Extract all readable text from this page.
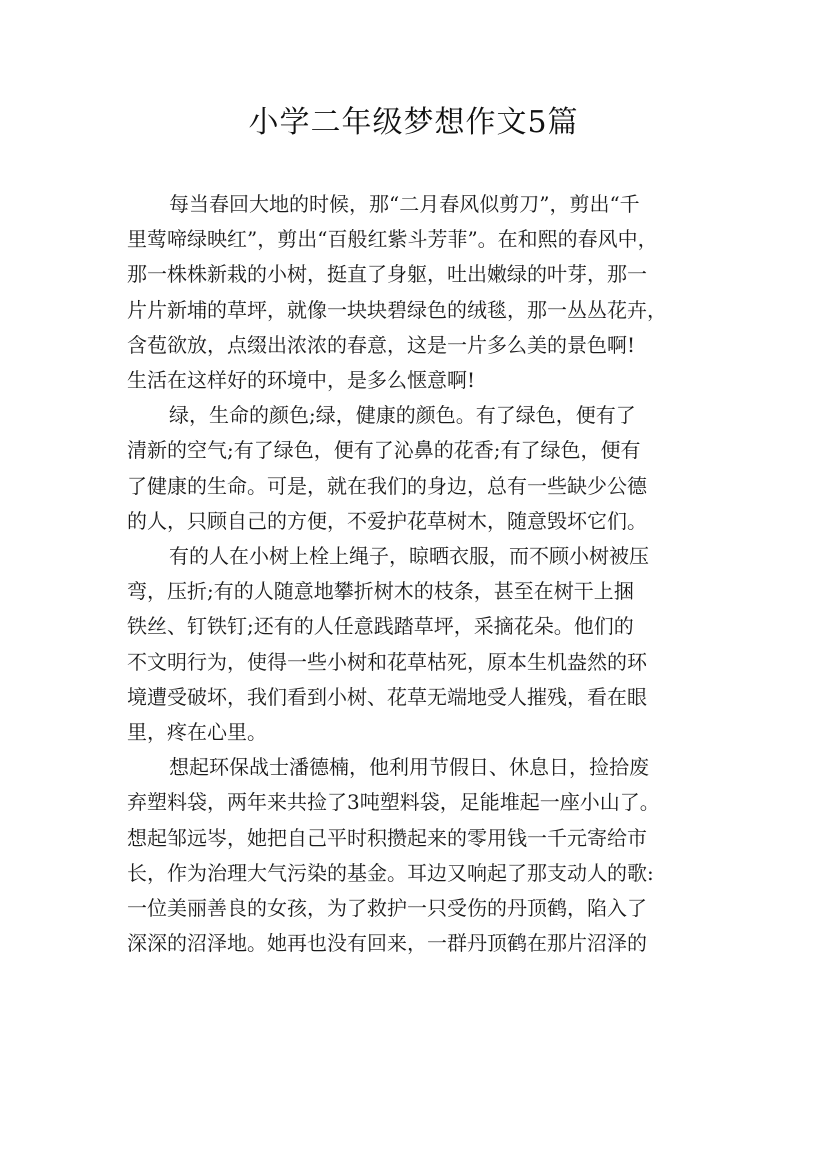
小学二年级梦想作文5篇
每当春回大地的时候，那“二月春风似剪刀”，剪出“千
里莺啼绿映红”，剪出“百般红紫斗芳菲”。在和熙的春风中，
那一株株新栽的小树，挺直了身躯，吐出嫩绿的叶芽，那一
片片新埔的草坪，就像一块块碧绿色的绒毯，那一丛丛花卉，
含苞欲放，点缀出浓浓的春意，这是一片多么美的景色啊!
生活在这样好的环境中，是多么惬意啊!
绿，生命的颜色;绿，健康的颜色。有了绿色，便有了
清新的空气;有了绿色，便有了沁鼻的花香;有了绿色，便有
了健康的生命。可是，就在我们的身边，总有一些缺少公德
的人，只顾自己的方便，不爱护花草树木，随意毁坏它们。
有的人在小树上栓上绳子，晾晒衣服，而不顾小树被压
弯，压折;有的人随意地攀折树木的枝条，甚至在树干上捆
铁丝、钉铁钉;还有的人任意践踏草坪，采摘花朵。他们的
不文明行为，使得一些小树和花草枯死，原本生机盎然的环
境遭受破坏，我们看到小树、花草无端地受人摧残，看在眼
里，疼在心里。
想起环保战士潘德楠，他利用节假日、休息日，捡拾废
弃塑料袋，两年来共捡了3吨塑料袋，足能堆起一座小山了。
想起邹远岑，她把自己平时积攒起来的零用钱一千元寄给市
长，作为治理大气污染的基金。耳边又响起了那支动人的歌:
一位美丽善良的女孩，为了救护一只受伤的丹顶鹤，陷入了
深深的沼泽地。她再也没有回来，一群丹顶鹤在那片沼泽的
